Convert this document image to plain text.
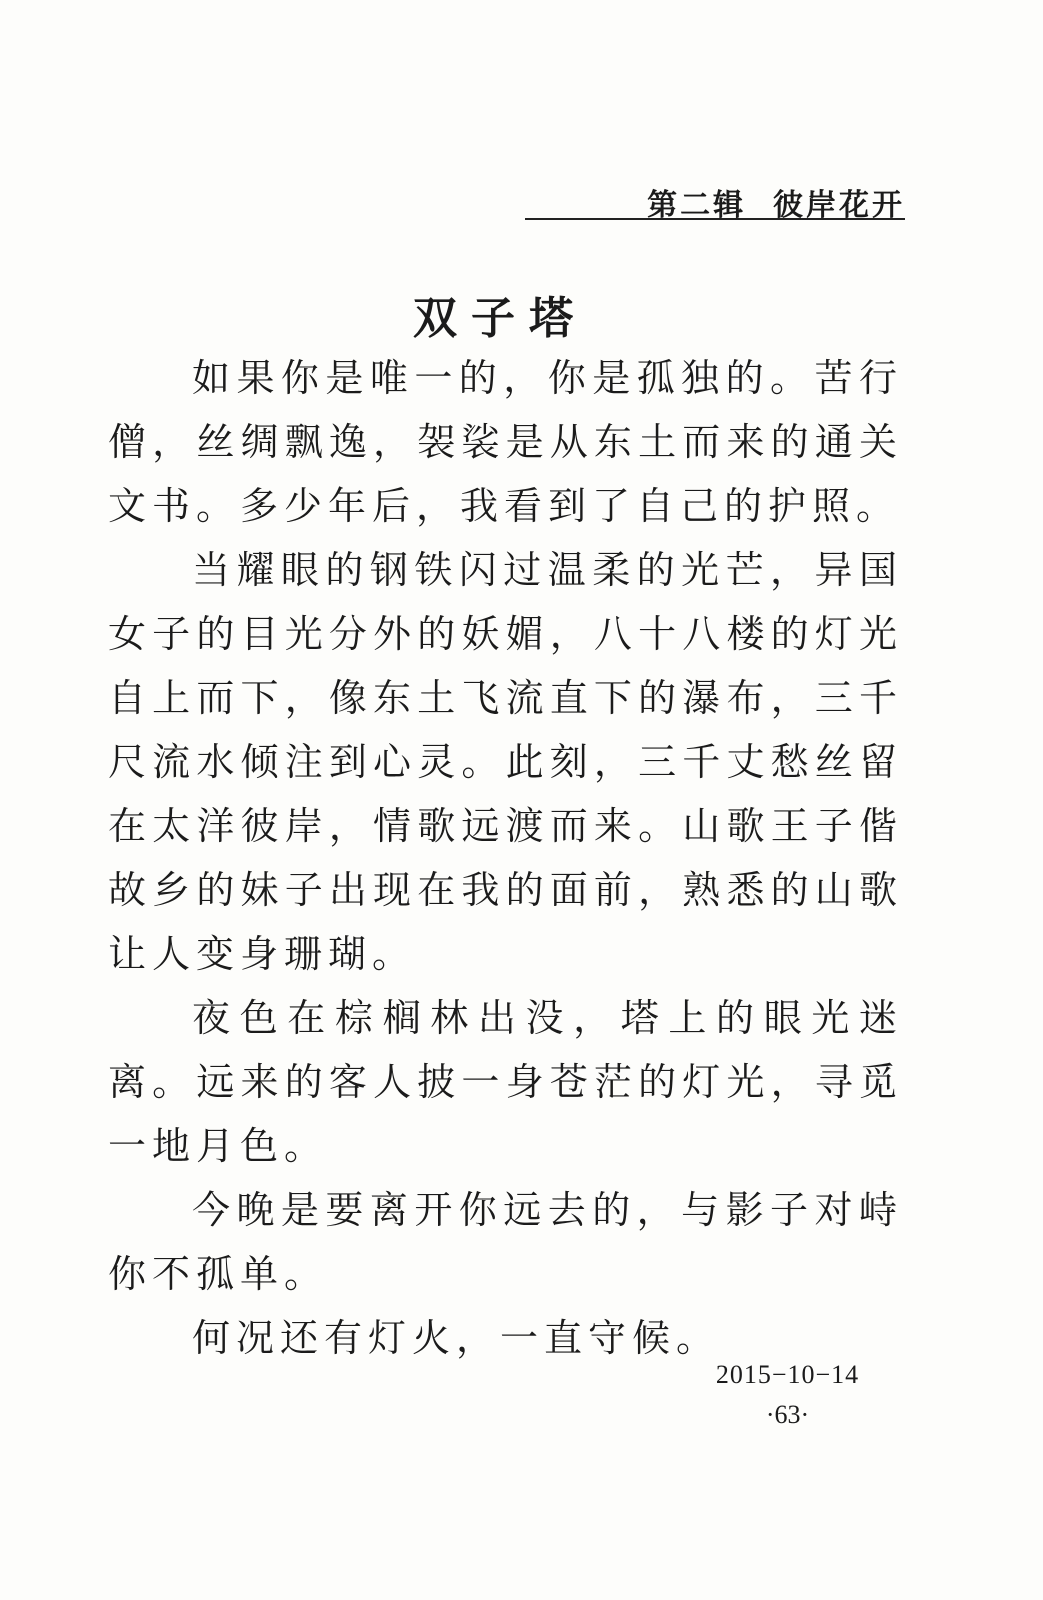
第二辑  彼岸花开
双子塔

如果你是唯一的，你是孤独的。苦行僧，丝绸飘逸，袈裟是从东土而来的通关文书。多少年后，我看到了自己的护照。

当耀眼的钢铁闪过温柔的光芒，异国女子的目光分外的妖媚，八十八楼的灯光自上而下，像东土飞流直下的瀑布，三千尺流水倾注到心灵。此刻，三千丈愁丝留在太洋彼岸，情歌远渡而来。山歌王子偕故乡的妹子出现在我的面前，熟悉的山歌让人变身珊瑚。

夜色在棕榈林出没，塔上的眼光迷离。远来的客人披一身苍茫的灯光，寻觅一地月色。

今晚是要离开你远去的，与影子对峙你不孤单。

何况还有灯火，一直守候。

2015−10−14
·63·
